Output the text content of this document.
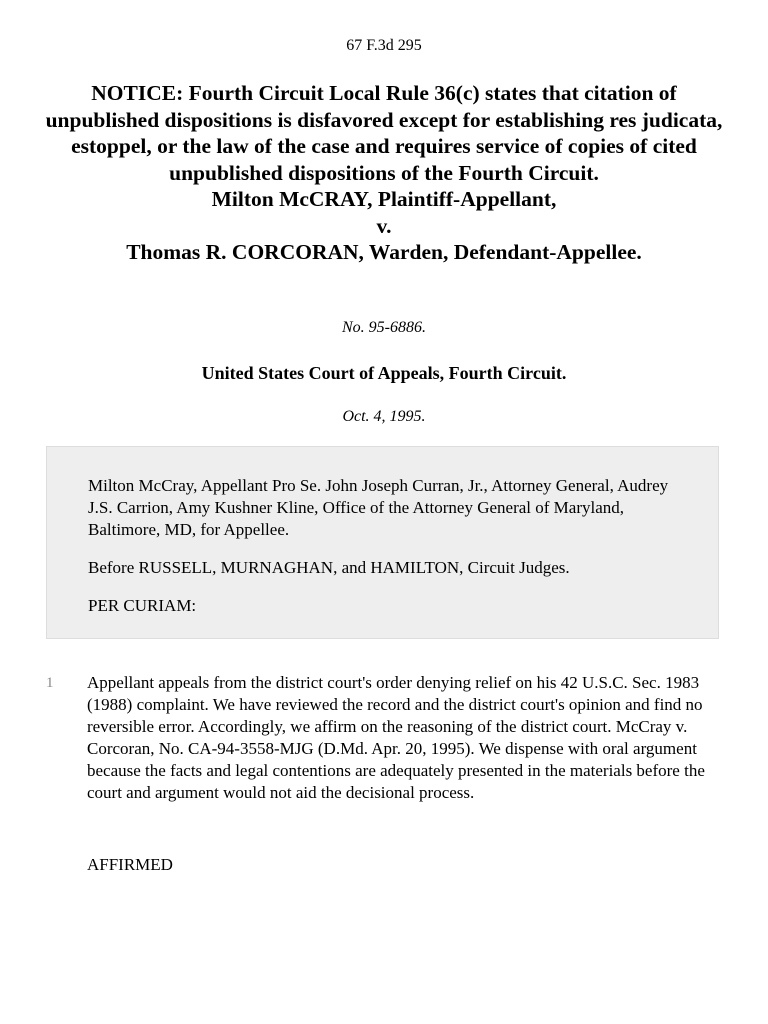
67 F.3d 295
NOTICE: Fourth Circuit Local Rule 36(c) states that citation of unpublished dispositions is disfavored except for establishing res judicata, estoppel, or the law of the case and requires service of copies of cited unpublished dispositions of the Fourth Circuit.
Milton McCRAY, Plaintiff-Appellant,
v.
Thomas R. CORCORAN, Warden, Defendant-Appellee.
No. 95-6886.
United States Court of Appeals, Fourth Circuit.
Oct. 4, 1995.

Milton McCray, Appellant Pro Se. John Joseph Curran, Jr., Attorney General, Audrey J.S. Carrion, Amy Kushner Kline, Office of the Attorney General of Maryland, Baltimore, MD, for Appellee.

Before RUSSELL, MURNAGHAN, and HAMILTON, Circuit Judges.

PER CURIAM:

1 Appellant appeals from the district court's order denying relief on his 42 U.S.C. Sec. 1983 (1988) complaint. We have reviewed the record and the district court's opinion and find no reversible error. Accordingly, we affirm on the reasoning of the district court. McCray v. Corcoran, No. CA-94-3558-MJG (D.Md. Apr. 20, 1995). We dispense with oral argument because the facts and legal contentions are adequately presented in the materials before the court and argument would not aid the decisional process.
AFFIRMED
